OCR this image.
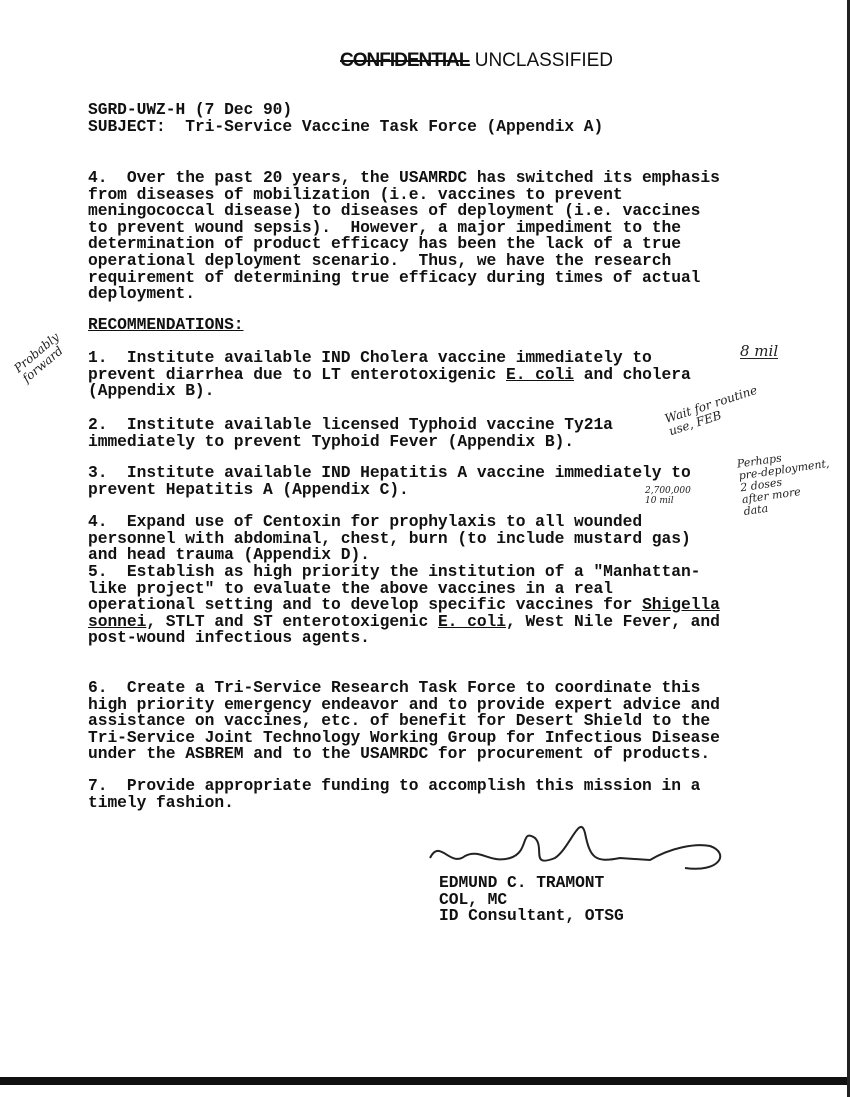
CONFIDENTIAL UNCLASSIFIED
SGRD-UWZ-H (7 Dec 90)
SUBJECT: Tri-Service Vaccine Task Force (Appendix A)
4.  Over the past 20 years, the USAMRDC has switched its emphasis
from diseases of mobilization (i.e. vaccines to prevent
meningococcal disease) to diseases of deployment (i.e. vaccines
to prevent wound sepsis).  However, a major impediment to the
determination of product efficacy has been the lack of a true
operational deployment scenario.  Thus, we have the research
requirement of determining true efficacy during times of actual
deployment.
RECOMMENDATIONS:
1.  Institute available IND Cholera vaccine immediately to
prevent diarrhea due to LT enterotoxigenic E. coli and cholera
(Appendix B).
2.  Institute available licensed Typhoid vaccine Ty21a
immediately to prevent Typhoid Fever (Appendix B).
3.  Institute available IND Hepatitis A vaccine immediately to
prevent Hepatitis A (Appendix C).
4.  Expand use of Centoxin for prophylaxis to all wounded
personnel with abdominal, chest, burn (to include mustard gas)
and head trauma (Appendix D).
5.  Establish as high priority the institution of a "Manhattan-
like project" to evaluate the above vaccines in a real
operational setting and to develop specific vaccines for Shigella
sonnei, STLT and ST enterotoxigenic E. coli, West Nile Fever, and
post-wound infectious agents.
6.  Create a Tri-Service Research Task Force to coordinate this
high priority emergency endeavor and to provide expert advice and
assistance on vaccines, etc. of benefit for Desert Shield to the
Tri-Service Joint Technology Working Group for Infectious Disease
under the ASBREM and to the USAMRDC for procurement of products.
7.  Provide appropriate funding to accomplish this mission in a
timely fashion.
EDMUND C. TRAMONT
COL, MC
ID Consultant, OTSG
Probably
forward	8 mil
Wait for routine
use, FEB
2,700,000
10 mil
Perhaps
pre-deployment,
2 doses
after more
data
